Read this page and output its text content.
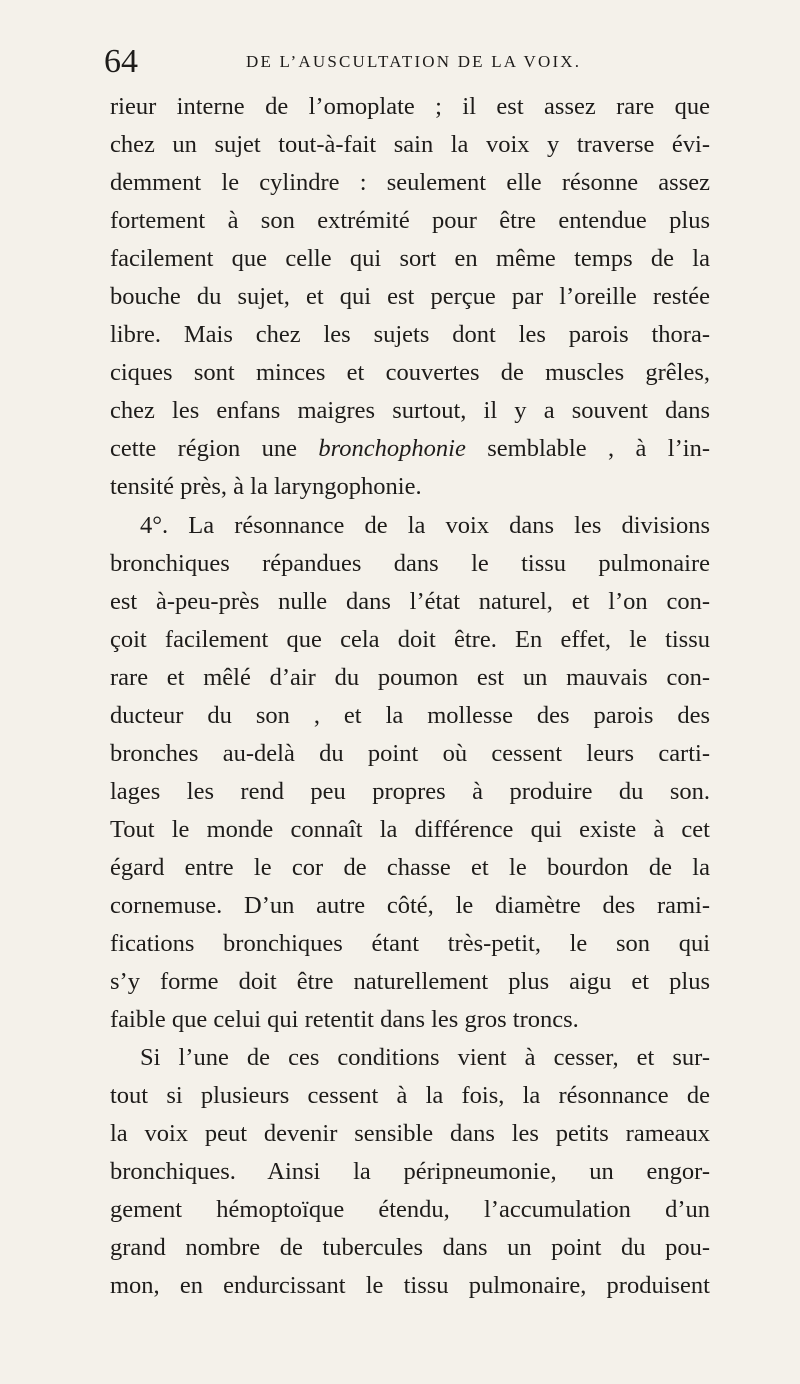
64	DE L’AUSCULTATION DE LA VOIX.
rieur interne de l’omoplate ; il est assez rare que
chez un sujet tout-à-fait sain la voix y traverse évi-
demment le cylindre : seulement elle résonne assez
fortement à son extrémité pour être entendue plus
facilement que celle qui sort en même temps de la
bouche du sujet, et qui est perçue par l’oreille restée
libre. Mais chez les sujets dont les parois thora-
ciques sont minces et couvertes de muscles grêles,
chez les enfans maigres surtout, il y a souvent dans
cette région une bronchophonie semblable , à l’in-
tensité près, à la laryngophonie.
4°. La résonnance de la voix dans les divisions
bronchiques répandues dans le tissu pulmonaire
est à-peu-près nulle dans l’état naturel, et l’on con-
çoit facilement que cela doit être. En effet, le tissu
rare et mêlé d’air du poumon est un mauvais con-
ducteur du son , et la mollesse des parois des
bronches au-delà du point où cessent leurs carti-
lages les rend peu propres à produire du son.
Tout le monde connaît la différence qui existe à cet
égard entre le cor de chasse et le bourdon de la
cornemuse. D’un autre côté, le diamètre des rami-
fications bronchiques étant très-petit, le son qui
s’y forme doit être naturellement plus aigu et plus
faible que celui qui retentit dans les gros troncs.
Si l’une de ces conditions vient à cesser, et sur-
tout si plusieurs cessent à la fois, la résonnance de
la voix peut devenir sensible dans les petits rameaux
bronchiques. Ainsi la péripneumonie, un engor-
gement hémoptoïque étendu, l’accumulation d’un
grand nombre de tubercules dans un point du pou-
mon, en endurcissant le tissu pulmonaire, produisent
